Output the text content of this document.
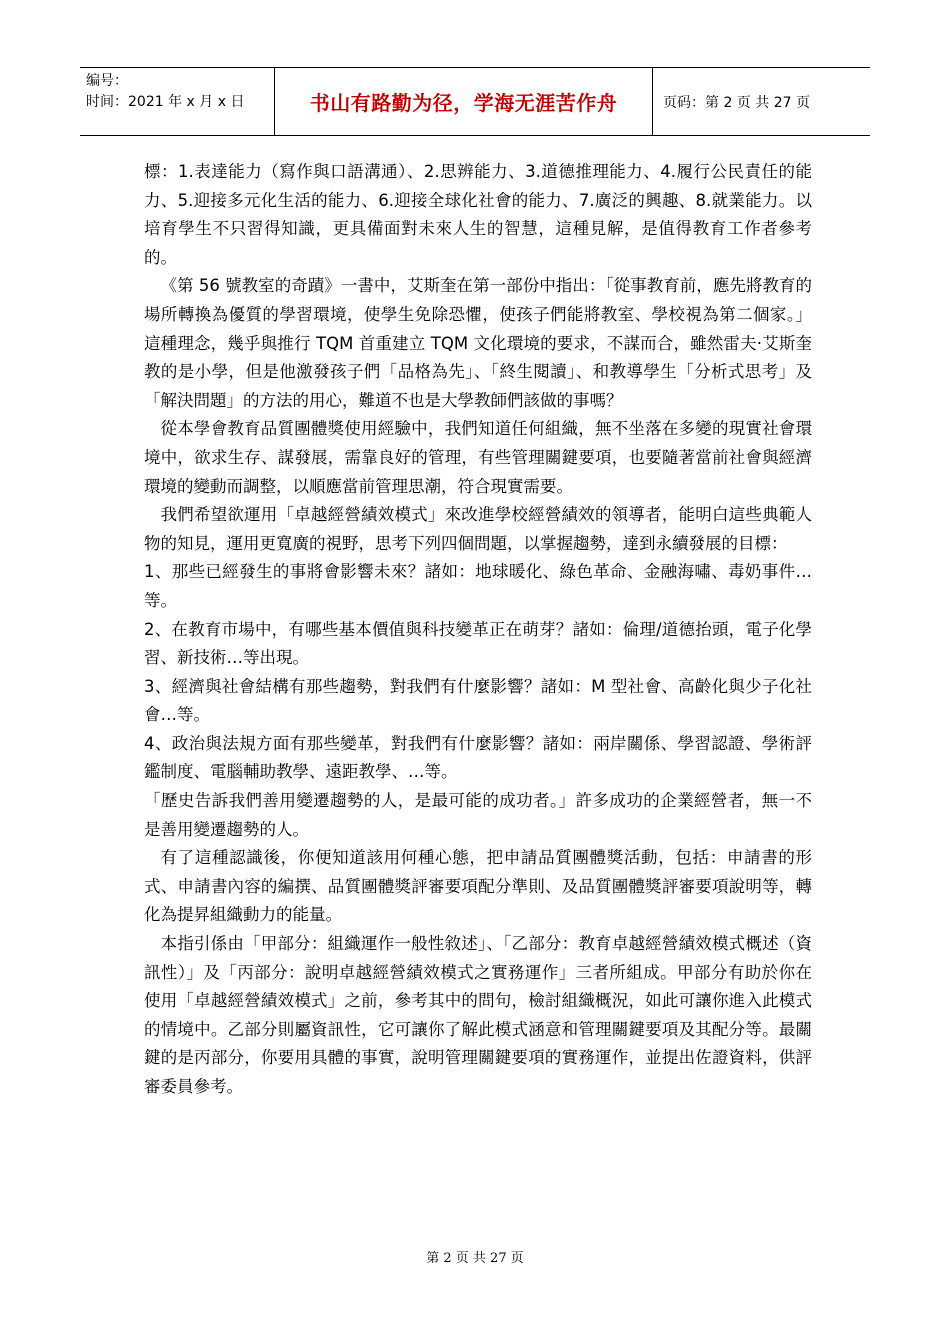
编号：
时间：2021 年 x 月 x 日	书山有路勤为径，学海无涯苦作舟	页码：第 2 页 共 27 页

標：1.表達能力（寫作與口語溝通）、2.思辨能力、3.道德推理能力、4.履行公民責任的能力、5.迎接多元化生活的能力、6.迎接全球化社會的能力、7.廣泛的興趣、8.就業能力。以培育學生不只習得知識，更具備面對未來人生的智慧，這種見解，是值得教育工作者參考的。

《第 56 號教室的奇蹟》一書中，艾斯奎在第一部份中指出：「從事教育前，應先將教育的場所轉換為優質的學習環境，使學生免除恐懼，使孩子們能將教室、學校視為第二個家。」這種理念，幾乎與推行 TQM 首重建立 TQM 文化環境的要求，不謀而合，雖然雷夫‧艾斯奎教的是小學，但是他激發孩子們「品格為先」、「終生閱讀」、和教導學生「分析式思考」及「解決問題」的方法的用心，難道不也是大學教師們該做的事嗎？

從本學會教育品質團體獎使用經驗中，我們知道任何組織，無不坐落在多變的現實社會環境中，欲求生存、謀發展，需靠良好的管理，有些管理關鍵要項，也要隨著當前社會與經濟環境的變動而調整，以順應當前管理思潮，符合現實需要。

我們希望欲運用「卓越經營績效模式」來改進學校經營績效的領導者，能明白這些典範人物的知見，運用更寬廣的視野，思考下列四個問題，以掌握趨勢，達到永續發展的目標：

1、那些已經發生的事將會影響未來？諸如：地球暖化、綠色革命、金融海嘯、毒奶事件…等。

2、在教育市場中，有哪些基本價值與科技變革正在萌芽？諸如：倫理/道德抬頭，電子化學習、新技術…等出現。

3、經濟與社會結構有那些趨勢，對我們有什麼影響？諸如：M 型社會、高齡化與少子化社會…等。

4、政治與法規方面有那些變革，對我們有什麼影響？諸如：兩岸關係、學習認證、學術評鑑制度、電腦輔助教學、遠距教學、…等。

「歷史告訴我們善用變遷趨勢的人，是最可能的成功者。」許多成功的企業經營者，無一不是善用變遷趨勢的人。

有了這種認識後，你便知道該用何種心態，把申請品質團體獎活動，包括：申請書的形式、申請書內容的編撰、品質團體獎評審要項配分準則、及品質團體獎評審要項說明等，轉化為提昇組織動力的能量。

本指引係由「甲部分：組織運作一般性敘述」、「乙部分：教育卓越經營績效模式概述（資訊性）」及「丙部分：說明卓越經營績效模式之實務運作」三者所組成。甲部分有助於你在使用「卓越經營績效模式」之前，參考其中的問句，檢討組織概況，如此可讓你進入此模式的情境中。乙部分則屬資訊性，它可讓你了解此模式涵意和管理關鍵要項及其配分等。最關鍵的是丙部分，你要用具體的事實，說明管理關鍵要項的實務運作，並提出佐證資料，供評審委員參考。

第 2 页 共 27 页
